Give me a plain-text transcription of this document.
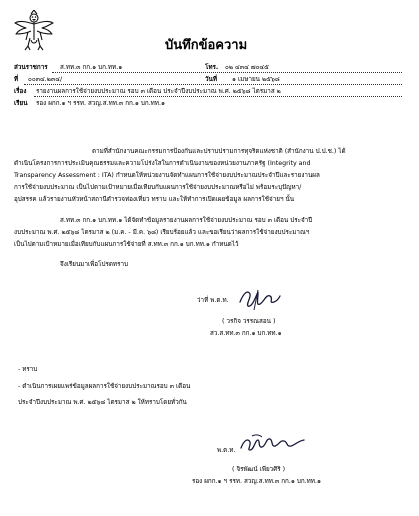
บันทึกข้อความ
ส่วนราชการ ส.ทท.๓ กก.๑ บก.ทท.๑	โทร. ๐๒ ๔๓๔ ๗๐๔๕
ที่ ๐๐๓๔.๒๓๔/	วันที่ ๑ เมษายน ๒๕๖๘
เรื่อง รายงานผลการใช้จ่ายงบประมาณ รอบ ๓ เดือน ประจำปีงบประมาณ พ.ศ. ๒๕๖๘ ไตรมาส ๒
เรียน รอง ผกก.๑ ฯ รรท. สวญ.ส.ทท.๓ กก.๑ บก.ทท.๑
ตามที่สำนักงานคณะกรรมการป้องกันและปราบปรามการทุจริตแห่งชาติ (สำนักงาน ป.ป.ช.) ได้
ดำเนินโครงการการประเมินคุณธรรมและความโปร่งใสในการดำเนินงานของหน่วยงานภาครัฐ (Integrity and
Transparency Assessment : ITA) กำหนดให้หน่วยงานจัดทำแผนการใช้จ่ายงบประมาณประจำปีและรายงานผล
การใช้จ่ายงบประมาณ เป็นไปตามเป้าหมายเมื่อเทียบกับแผนการใช้จ่ายงบประมาณหรือไม่ พร้อมระบุปัญหา/
อุปสรรค แล้วรายงานหัวหน้าสถานีตำรวจท่องเที่ยว ทราบ และให้ทำการเปิดเผยข้อมูล ผลการใช้จ่ายฯ นั้น
ส.ทท.๓ กก.๑ บก.ทท.๑ ได้จัดทำข้อมูลรายงานผลการใช้จ่ายงบประมาณ รอบ ๓ เดือน ประจำปี
งบประมาณ พ.ศ. ๒๕๖๘ ไตรมาส ๒ (ม.ค. - มี.ค. ๖๘) เรียบร้อยแล้ว และขอเรียนว่าผลการใช้จ่ายงบประมาณฯ
เป็นไปตามเป้าหมายเมื่อเทียบกับแผนการใช้จ่ายที่ ส.ทท.๓ กก.๑ บก.ทท.๑ กำหนดไว้
จึงเรียนมาเพื่อโปรดทราบ
ว่าที่ พ.ต.ท.
( วรกิจ วรรณสอน )
สว.ส.ทท.๓ กก.๑ บก.ทท.๑
- ทราบ
- ดำเนินการเผยแพร่ข้อมูลผลการใช้จ่ายงบประมาณรอบ ๓ เดือน
ประจำปีงบประมาณ พ.ศ. ๒๕๖๘ ไตรมาส ๒ ให้ทราบโดยทั่วกัน
พ.ต.ท.
( จิรพัฒน์ เพียวศิริ )
รอง ผกก.๑ ฯ รรท. สวญ.ส.ทท.๓ กก.๑ บก.ทท.๑
